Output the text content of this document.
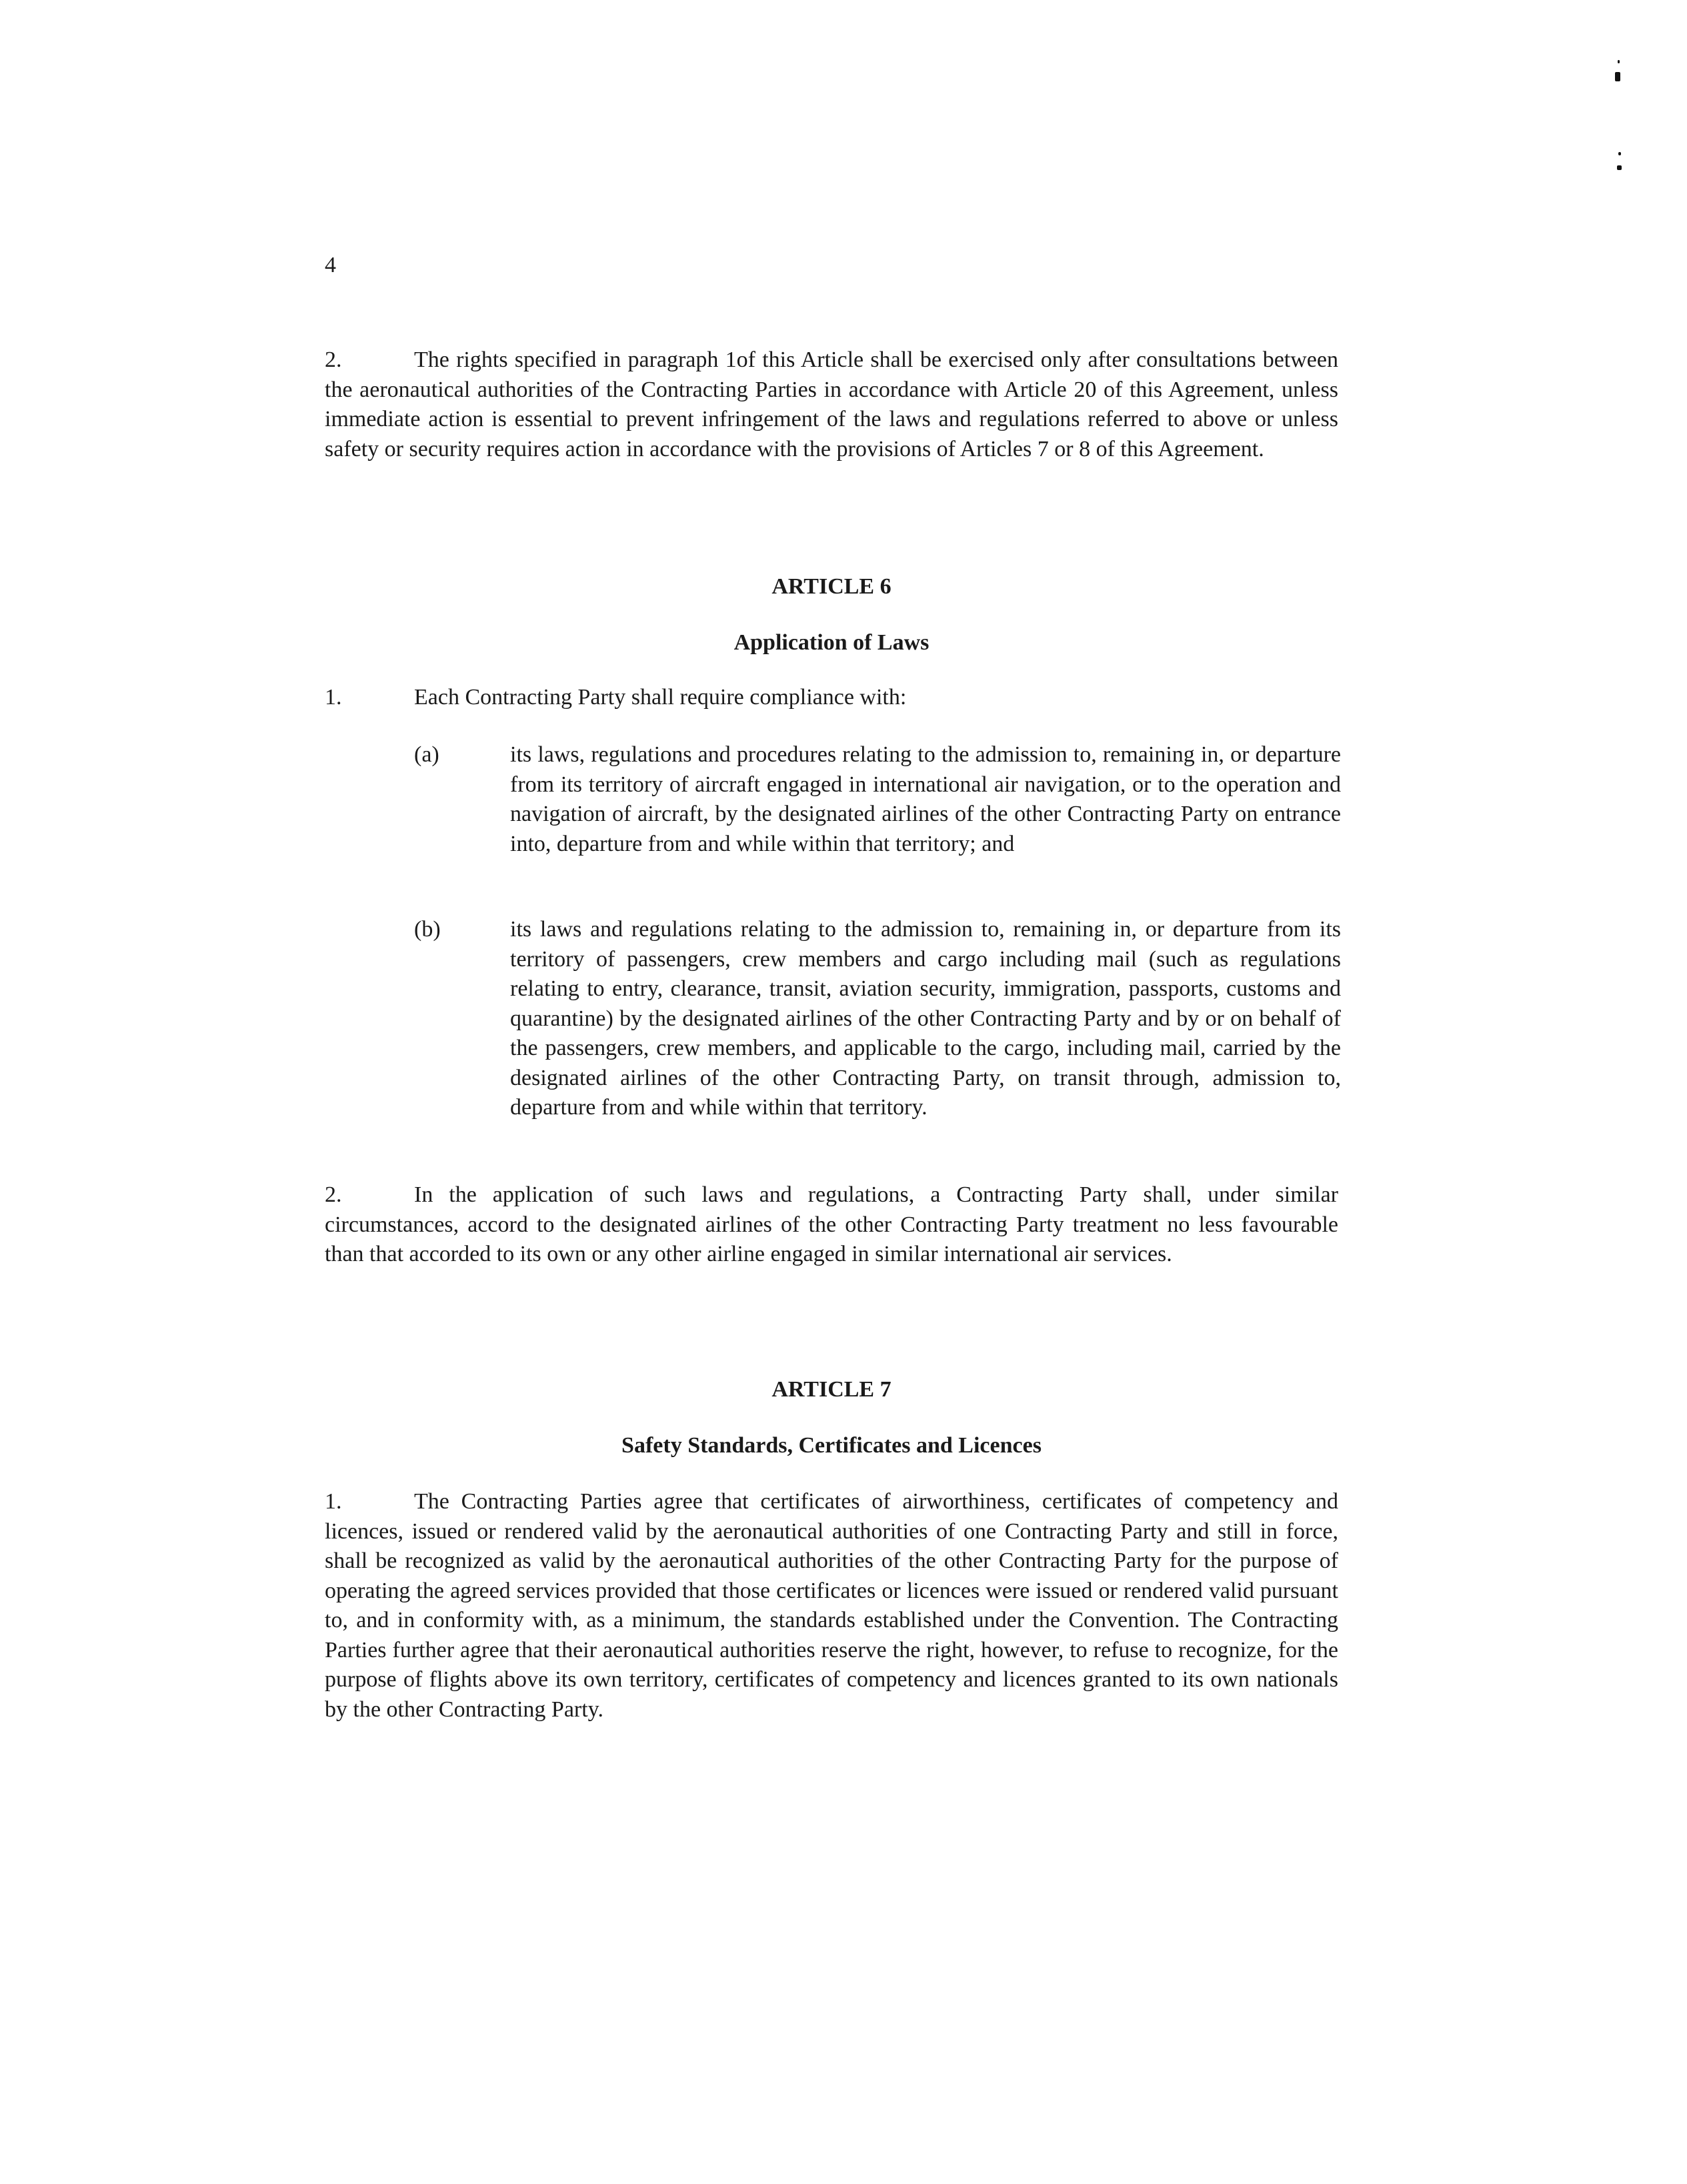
4
2.	The rights specified in paragraph 1of this Article shall be exercised only after consultations between the aeronautical authorities of the Contracting Parties in accordance with Article 20 of this Agreement, unless immediate action is essential to prevent infringement of the laws and regulations referred to above or unless safety or security requires action in accordance with the provisions of Articles 7 or 8 of this Agreement.
ARTICLE 6
Application of Laws
1.	Each Contracting Party shall require compliance with:
(a)	its laws, regulations and procedures relating to the admission to, remaining in, or departure from its territory of aircraft engaged in international air navigation, or to the operation and navigation of aircraft, by the designated airlines of the other Contracting Party on entrance into, departure from and while within that territory; and
(b)	its laws and regulations relating to the admission to, remaining in, or departure from its territory of passengers, crew members and cargo including mail (such as regulations relating to entry, clearance, transit, aviation security, immigration, passports, customs and quarantine) by the designated airlines of the other Contracting Party and by or on behalf of the passengers, crew members, and applicable to the cargo, including mail, carried by the designated airlines of the other Contracting Party, on transit through, admission to, departure from and while within that territory.
2.	In the application of such laws and regulations, a Contracting Party shall, under similar circumstances, accord to the designated airlines of the other Contracting Party treatment no less favourable than that accorded to its own or any other airline engaged in similar international air services.
ARTICLE 7
Safety Standards, Certificates and Licences
1.	The Contracting Parties agree that certificates of airworthiness, certificates of competency and licences, issued or rendered valid by the aeronautical authorities of one Contracting Party and still in force, shall be recognized as valid by the aeronautical authorities of the other Contracting Party for the purpose of operating the agreed services provided that those certificates or licences were issued or rendered valid pursuant to, and in conformity with, as a minimum, the standards established under the Convention. The Contracting Parties further agree that their aeronautical authorities reserve the right, however, to refuse to recognize, for the purpose of flights above its own territory, certificates of competency and licences granted to its own nationals by the other Contracting Party.
